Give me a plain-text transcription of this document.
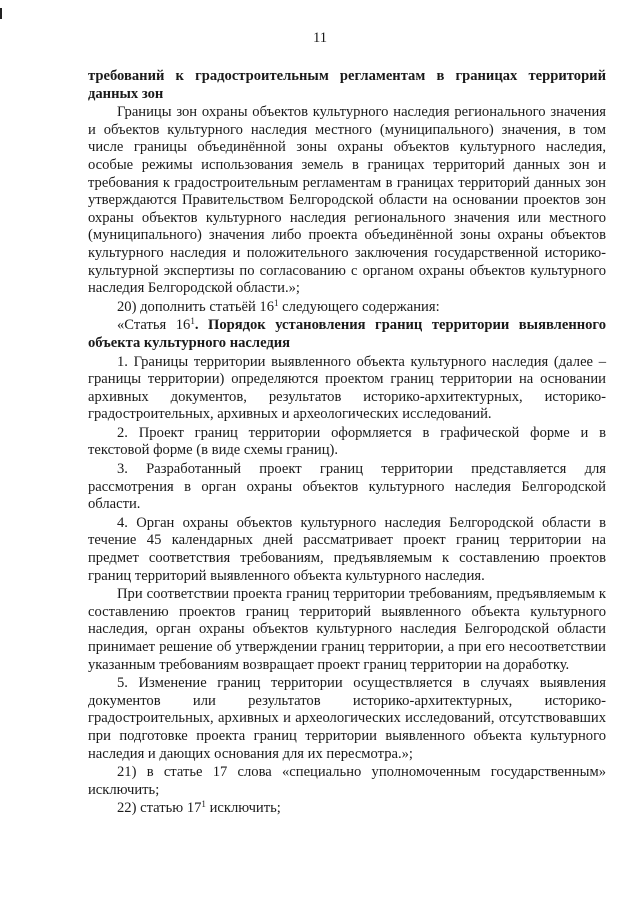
11

требований к градостроительным регламентам в границах территорий данных зон

Границы зон охраны объектов культурного наследия регионального значения и объектов культурного наследия местного (муниципального) значения, в том числе границы объединённой зоны охраны объектов культурного наследия, особые режимы использования земель в границах территорий данных зон и требования к градостроительным регламентам в границах территорий данных зон утверждаются Правительством Белгородской области на основании проектов зон охраны объектов культурного наследия регионального значения или местного (муниципального) значения либо проекта объединённой зоны охраны объектов культурного наследия и положительного заключения государственной историко-культурной экспертизы по согласованию с органом охраны объектов культурного наследия Белгородской области.»;

20) дополнить статьёй $16^1$ следующего содержания:

«Статья $16^1$. Порядок установления границ территории выявленного объекта культурного наследия

1. Границы территории выявленного объекта культурного наследия (далее – границы территории) определяются проектом границ территории на основании архивных документов, результатов историко-архитектурных, историко-градостроительных, архивных и археологических исследований.

2. Проект границ территории оформляется в графической форме и в текстовой форме (в виде схемы границ).

3. Разработанный проект границ территории представляется для рассмотрения в орган охраны объектов культурного наследия Белгородской области.

4. Орган охраны объектов культурного наследия Белгородской области в течение 45 календарных дней рассматривает проект границ территории на предмет соответствия требованиям, предъявляемым к составлению проектов границ территорий выявленного объекта культурного наследия.

При соответствии проекта границ территории требованиям, предъявляемым к составлению проектов границ территорий выявленного объекта культурного наследия, орган охраны объектов культурного наследия Белгородской области принимает решение об утверждении границ территории, а при его несоответствии указанным требованиям возвращает проект границ территории на доработку.

5. Изменение границ территории осуществляется в случаях выявления документов или результатов историко-архитектурных, историко-градостроительных, архивных и археологических исследований, отсутствовавших при подготовке проекта границ территории выявленного объекта культурного наследия и дающих основания для их пересмотра.»;

21) в статье 17 слова «специально уполномоченным государственным» исключить;

22) статью $17^1$ исключить;
